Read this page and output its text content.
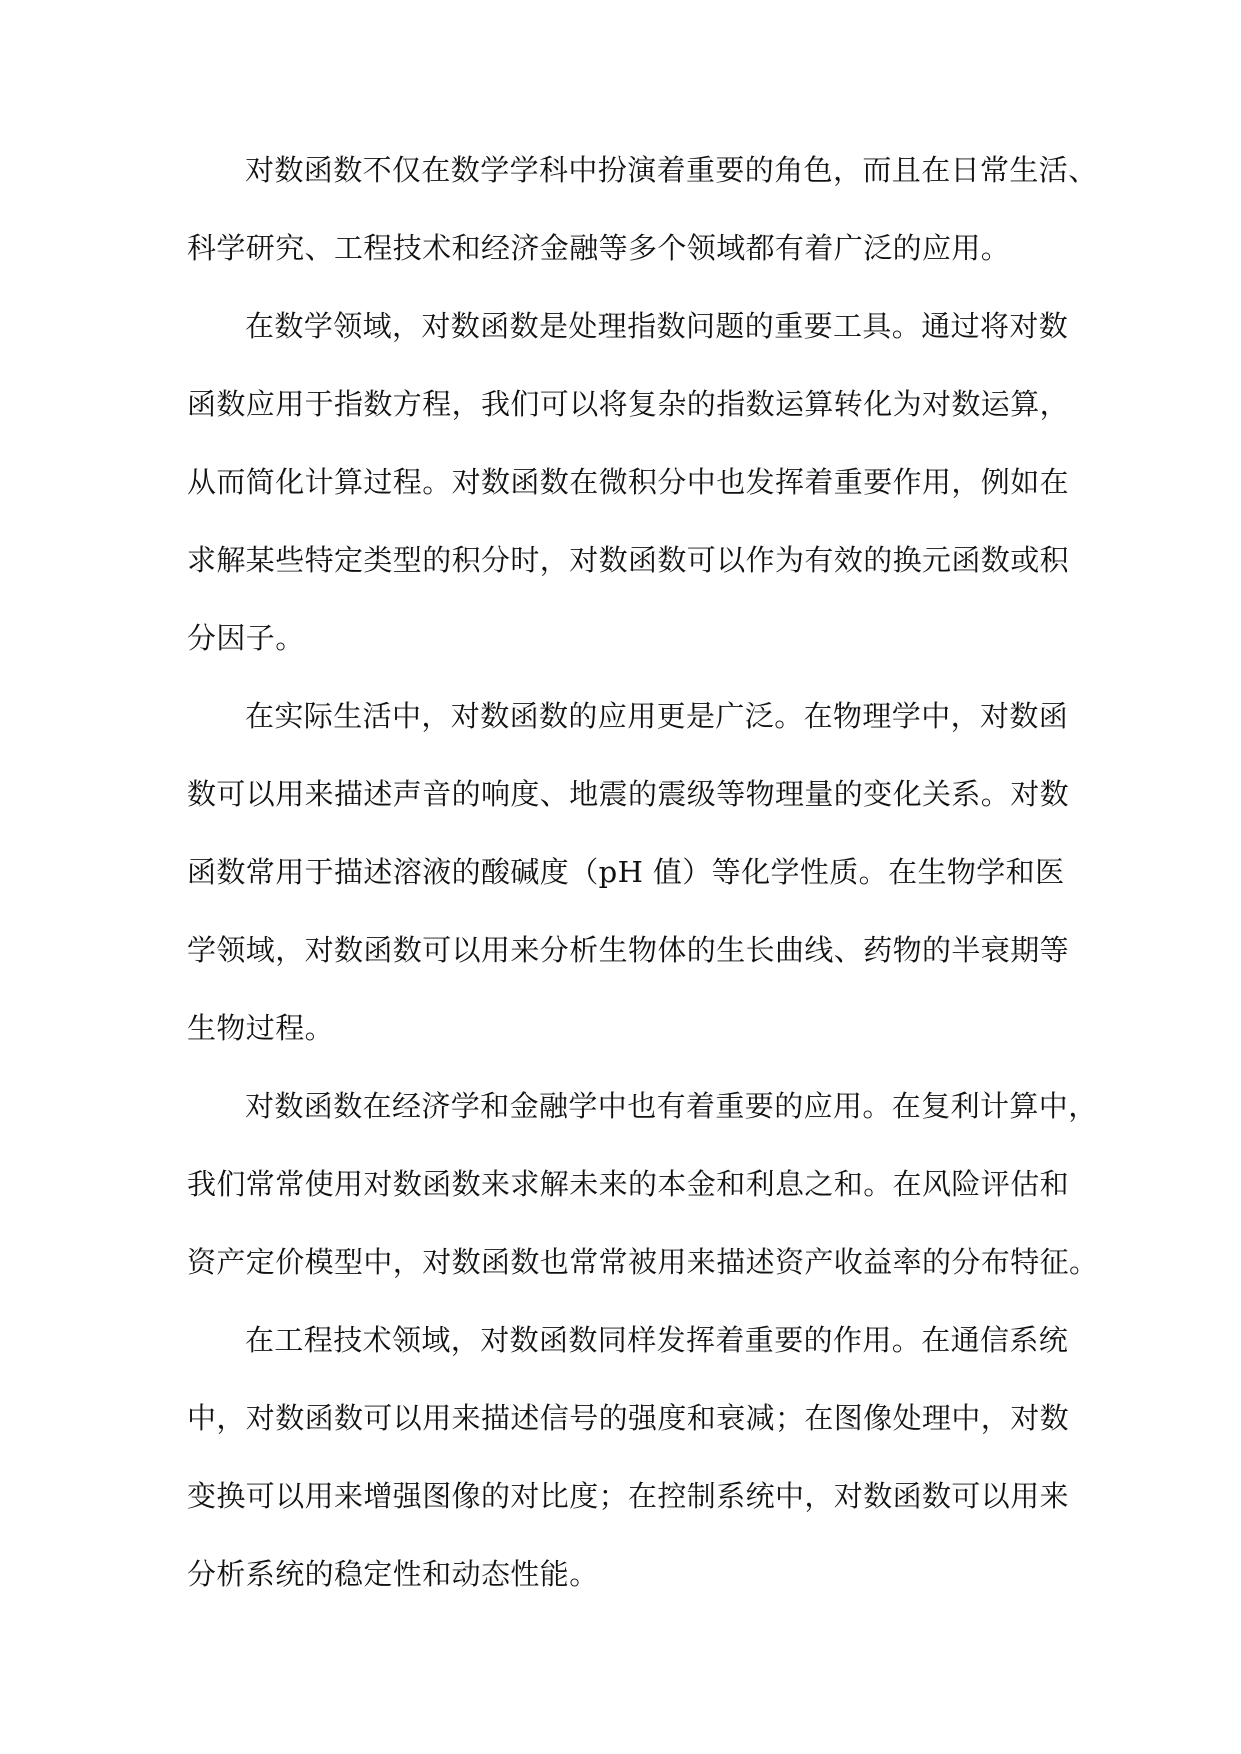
对数函数不仅在数学学科中扮演着重要的角色，而且在日常生活、
科学研究、工程技术和经济金融等多个领域都有着广泛的应用。
在数学领域，对数函数是处理指数问题的重要工具。通过将对数
函数应用于指数方程，我们可以将复杂的指数运算转化为对数运算，
从而简化计算过程。对数函数在微积分中也发挥着重要作用，例如在
求解某些特定类型的积分时，对数函数可以作为有效的换元函数或积
分因子。
在实际生活中，对数函数的应用更是广泛。在物理学中，对数函
数可以用来描述声音的响度、地震的震级等物理量的变化关系。对数
函数常用于描述溶液的酸碱度（pH 值）等化学性质。在生物学和医
学领域，对数函数可以用来分析生物体的生长曲线、药物的半衰期等
生物过程。
对数函数在经济学和金融学中也有着重要的应用。在复利计算中，
我们常常使用对数函数来求解未来的本金和利息之和。在风险评估和
资产定价模型中，对数函数也常常被用来描述资产收益率的分布特征。
在工程技术领域，对数函数同样发挥着重要的作用。在通信系统
中，对数函数可以用来描述信号的强度和衰减；在图像处理中，对数
变换可以用来增强图像的对比度；在控制系统中，对数函数可以用来
分析系统的稳定性和动态性能。
